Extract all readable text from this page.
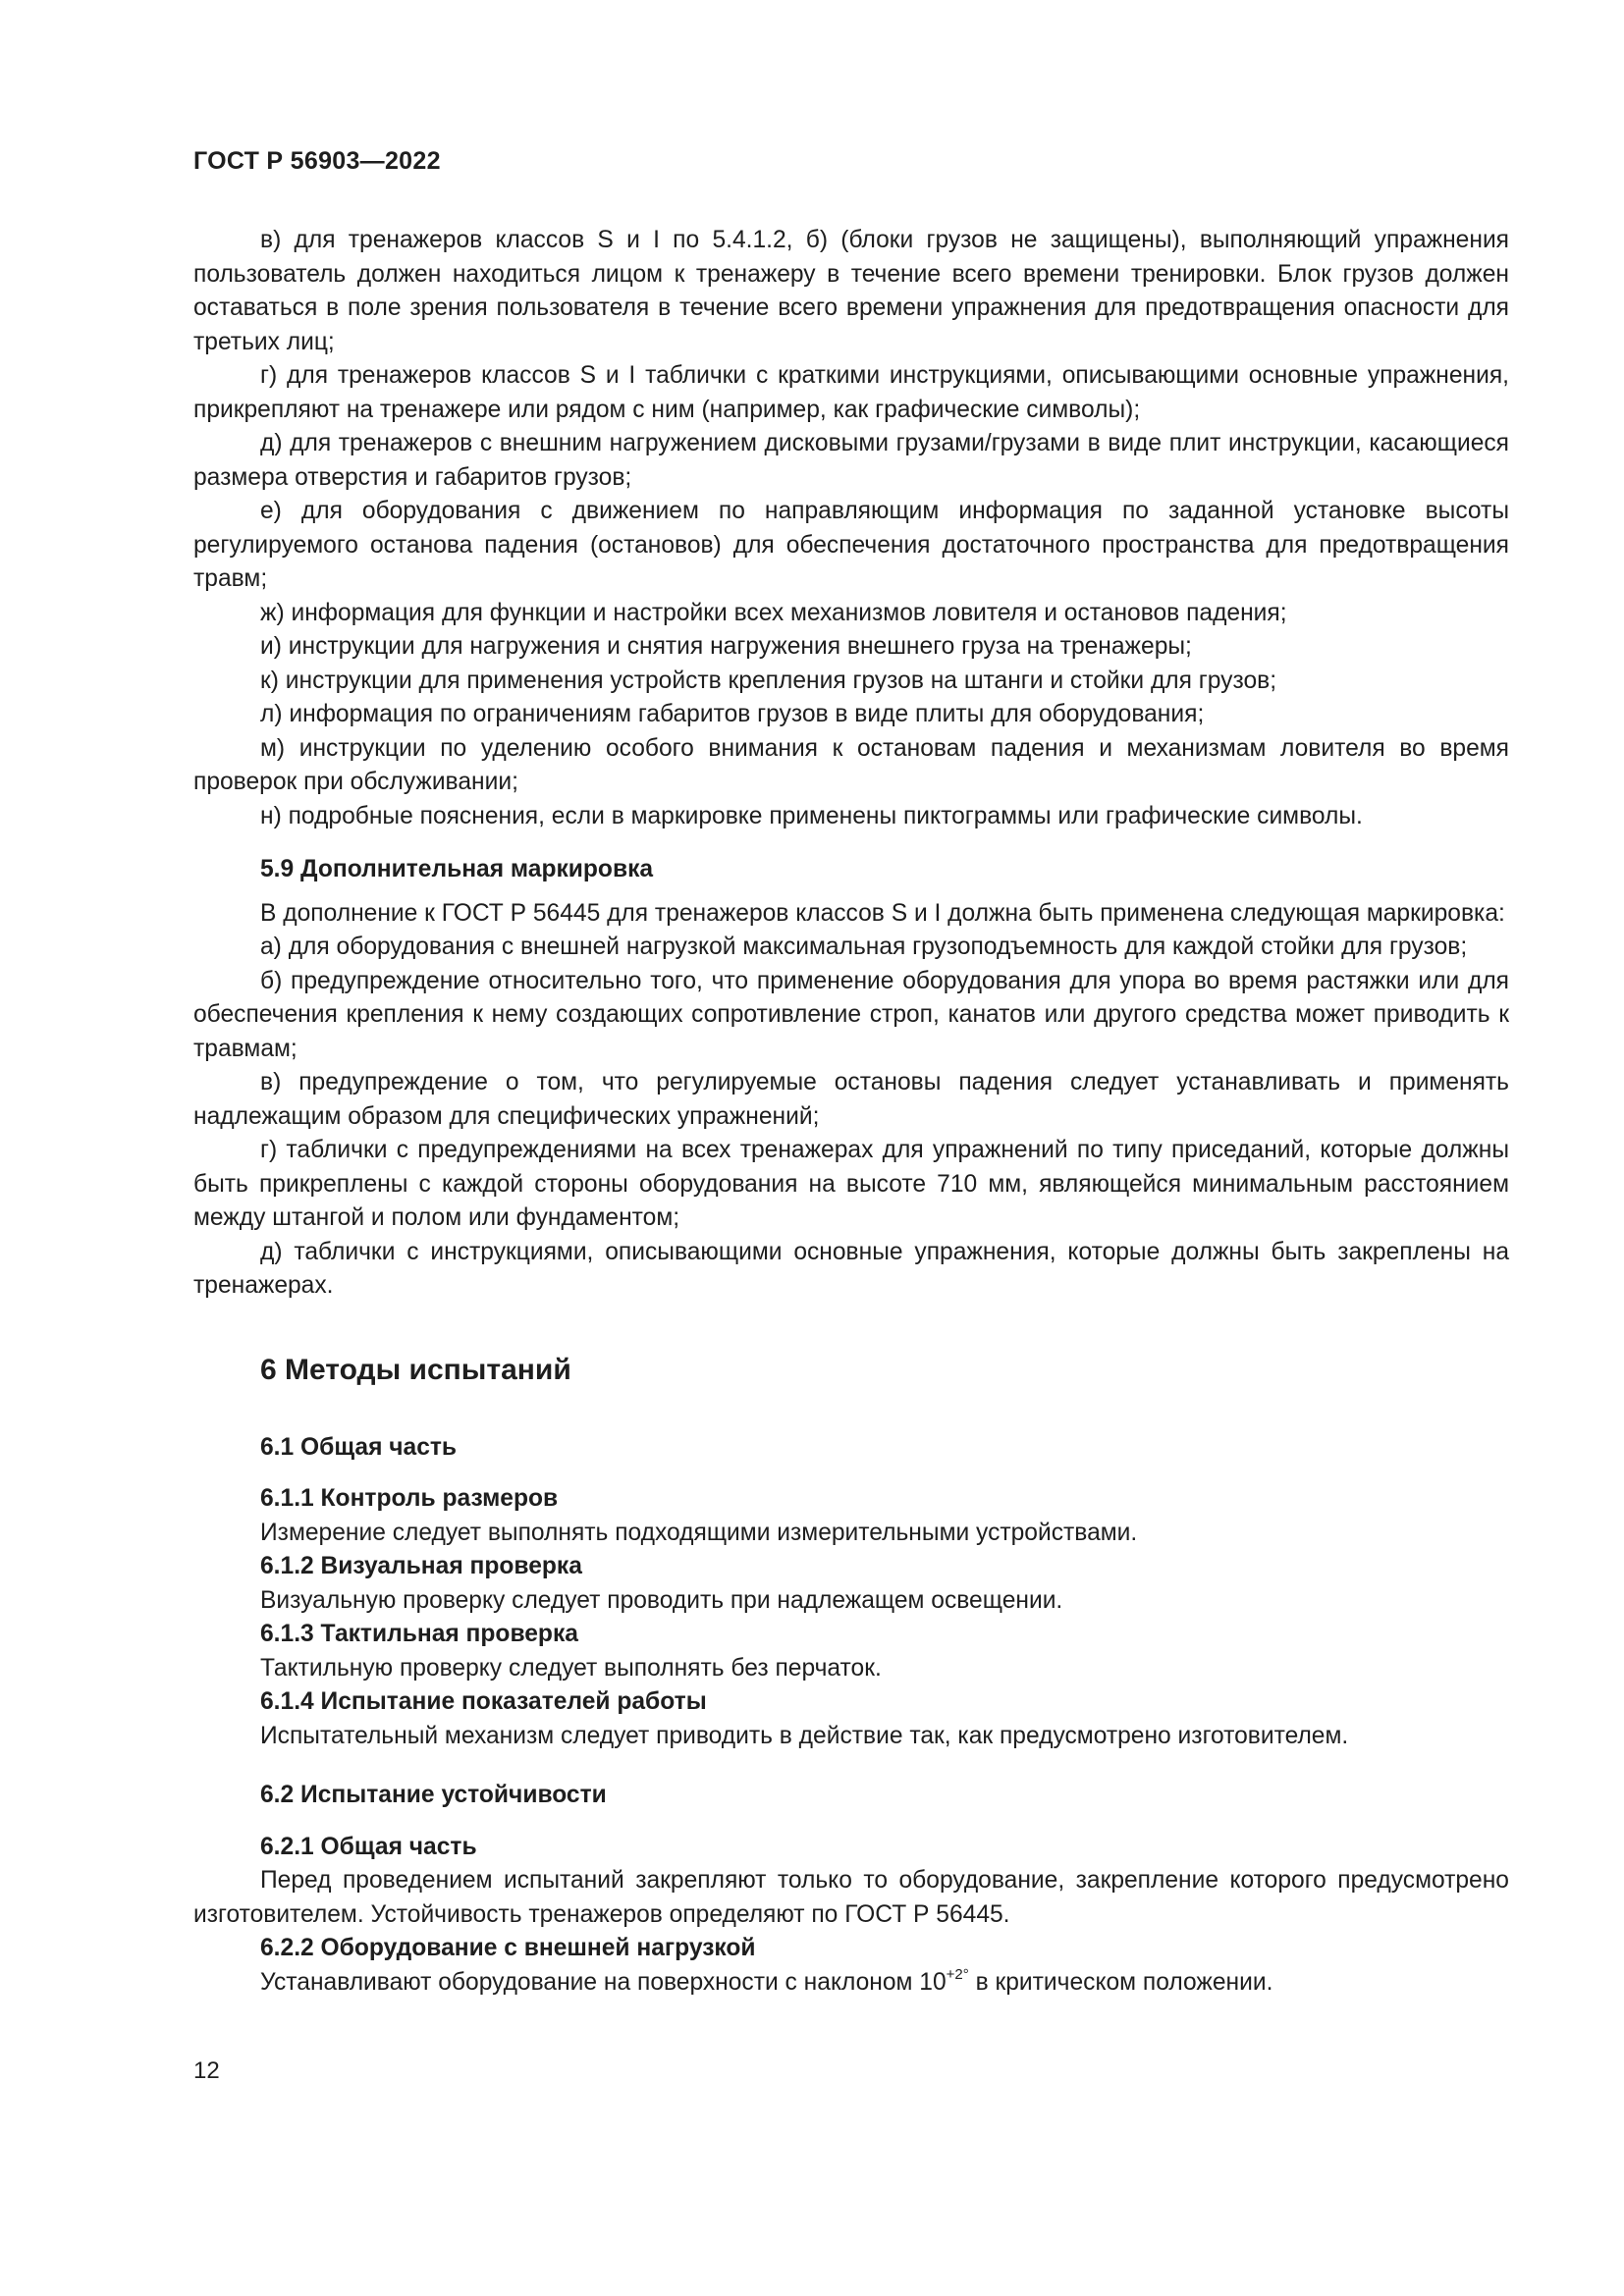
ГОСТ Р 56903—2022

в) для тренажеров классов S и I по 5.4.1.2, б) (блоки грузов не защищены), выполняющий упражнения пользователь должен находиться лицом к тренажеру в течение всего времени тренировки. Блок грузов должен оставаться в поле зрения пользователя в течение всего времени упражнения для предотвращения опасности для третьих лиц;

г) для тренажеров классов S и I таблички с краткими инструкциями, описывающими основные упражнения, прикрепляют на тренажере или рядом с ним (например, как графические символы);

д) для тренажеров с внешним нагружением дисковыми грузами/грузами в виде плит инструкции, касающиеся размера отверстия и габаритов грузов;

е) для оборудования с движением по направляющим информация по заданной установке высоты регулируемого останова падения (остановов) для обеспечения достаточного пространства для предотвращения травм;

ж) информация для функции и настройки всех механизмов ловителя и остановов падения;

и) инструкции для нагружения и снятия нагружения внешнего груза на тренажеры;

к) инструкции для применения устройств крепления грузов на штанги и стойки для грузов;

л) информация по ограничениям габаритов грузов в виде плиты для оборудования;

м) инструкции по уделению особого внимания к остановам падения и механизмам ловителя во время проверок при обслуживании;

н) подробные пояснения, если в маркировке применены пиктограммы или графические символы.

5.9 Дополнительная маркировка

В дополнение к ГОСТ Р 56445 для тренажеров классов S и I должна быть применена следующая маркировка:

а) для оборудования с внешней нагрузкой максимальная грузоподъемность для каждой стойки для грузов;

б) предупреждение относительно того, что применение оборудования для упора во время растяжки или для обеспечения крепления к нему создающих сопротивление строп, канатов или другого средства может приводить к травмам;

в) предупреждение о том, что регулируемые остановы падения следует устанавливать и применять надлежащим образом для специфических упражнений;

г) таблички с предупреждениями на всех тренажерах для упражнений по типу приседаний, которые должны быть прикреплены с каждой стороны оборудования на высоте 710 мм, являющейся минимальным расстоянием между штангой и полом или фундаментом;

д) таблички с инструкциями, описывающими основные упражнения, которые должны быть закреплены на тренажерах.

6 Методы испытаний
6.1 Общая часть
6.1.1 Контроль размеров

Измерение следует выполнять подходящими измерительными устройствами.

6.1.2 Визуальная проверка

Визуальную проверку следует проводить при надлежащем освещении.

6.1.3 Тактильная проверка

Тактильную проверку следует выполнять без перчаток.

6.1.4 Испытание показателей работы

Испытательный механизм следует приводить в действие так, как предусмотрено изготовителем.

6.2 Испытание устойчивости
6.2.1 Общая часть

Перед проведением испытаний закрепляют только то оборудование, закрепление которого предусмотрено изготовителем. Устойчивость тренажеров определяют по ГОСТ Р 56445.

6.2.2 Оборудование с внешней нагрузкой

Устанавливают оборудование на поверхности с наклоном $10^{+2^\circ}$ в критическом положении.

12
